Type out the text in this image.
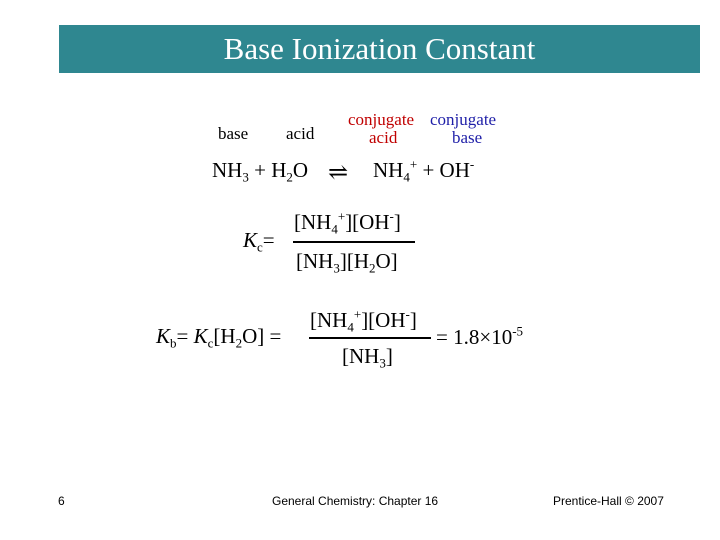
Base Ionization Constant
base acid
conjugate
acid
conjugate
base
$NH_3 + H_2O$ ⇌ $NH_4^+ + OH^-$
$K_c=$
$[NH_4^+][OH^-]$
$[NH_3][H_2O]$
$K_b= K_c[H_2O]$ =
$[NH_4^+][OH^-]$
$[NH_3]$
= $1.8\times 10^{-5}$
6	General Chemistry: Chapter 16	Prentice-Hall © 2007
